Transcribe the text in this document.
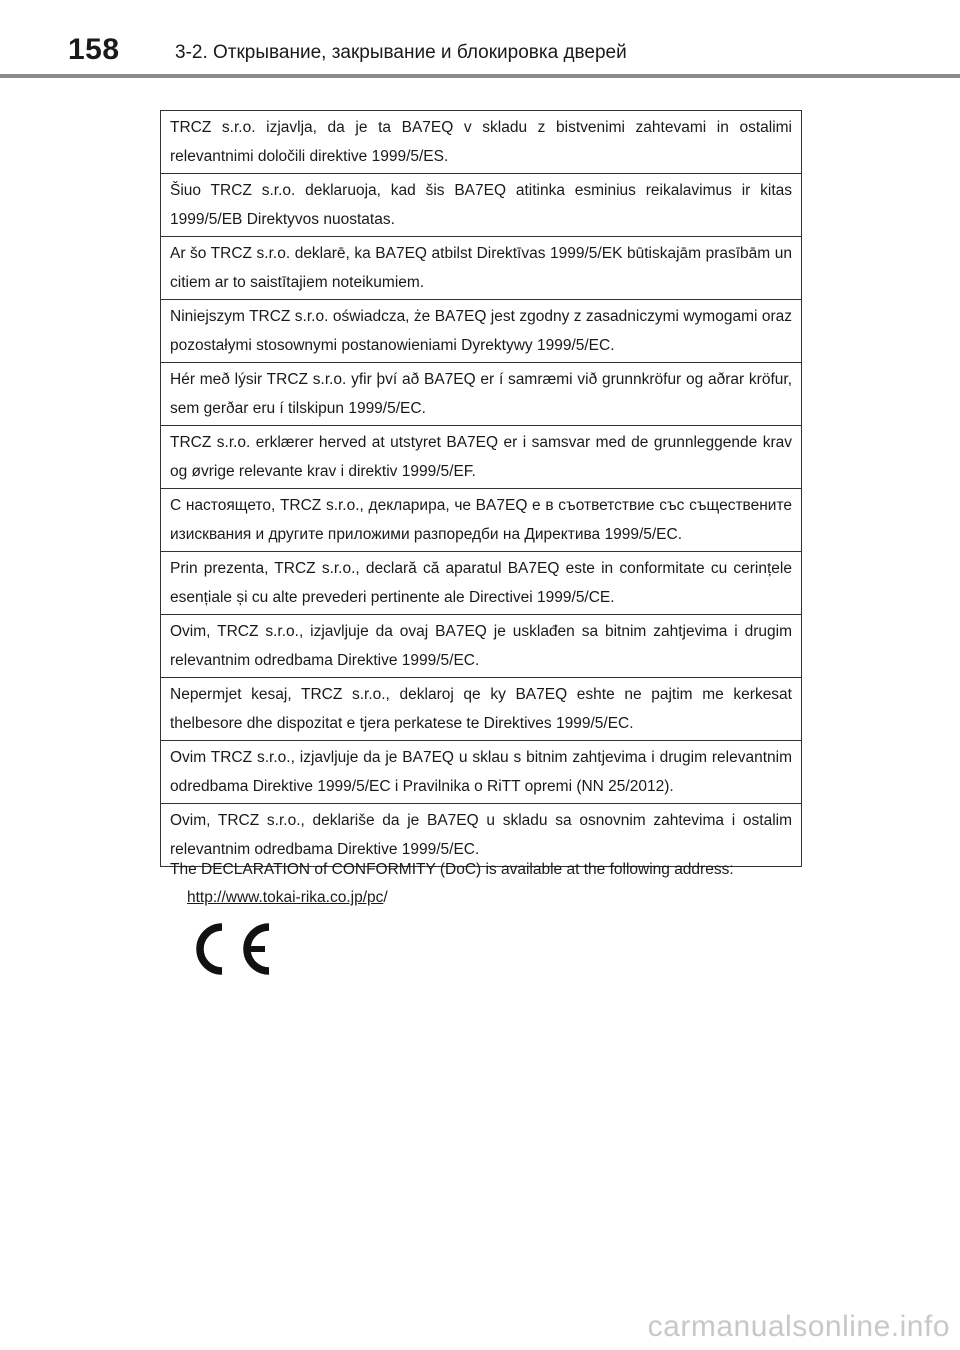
158	3-2. Открывание, закрывание и блокировка дверей
TRCZ s.r.o. izjavlja, da je ta BA7EQ v skladu z bistvenimi zahtevami in ostalimi relevantnimi določili direktive 1999/5/ES.
Šiuo TRCZ s.r.o. deklaruoja, kad šis BA7EQ atitinka esminius reikalavimus ir kitas 1999/5/EB Direktyvos nuostatas.
Ar šo TRCZ s.r.o. deklarē, ka BA7EQ atbilst Direktīvas 1999/5/EK būtiskajām prasībām un citiem ar to saistītajiem noteikumiem.
Niniejszym TRCZ s.r.o. oświadcza, że BA7EQ jest zgodny z zasadniczymi wymogami oraz pozostałymi stosownymi postanowieniami Dyrektywy 1999/5/EC.
Hér með lýsir TRCZ s.r.o. yfir því að BA7EQ er í samræmi við grunnkröfur og aðrar kröfur, sem gerðar eru í tilskipun 1999/5/EC.
TRCZ s.r.o. erklærer herved at utstyret BA7EQ er i samsvar med de grunnleggende krav og øvrige relevante krav i direktiv 1999/5/EF.
С настоящето, TRCZ s.r.o., декларира, че BA7EQ е в съответствие със съществените изисквания и другите приложими разпоредби на Директива 1999/5/EC.
Prin prezenta, TRCZ s.r.o., declară că aparatul BA7EQ este in conformitate cu cerințele esențiale și cu alte prevederi pertinente ale Directivei 1999/5/CE.
Ovim, TRCZ s.r.o., izjavljuje da ovaj BA7EQ je usklađen sa bitnim zahtjevima i drugim relevantnim odredbama Direktive 1999/5/EC.
Nepermjet kesaj, TRCZ s.r.o., deklaroj qe ky BA7EQ eshte ne pajtim me kerkesat thelbesore dhe dispozitat e tjera perkatese te Direktives 1999/5/EC.
Ovim TRCZ s.r.o., izjavljuje da je BA7EQ u sklau s bitnim zahtjevima i drugim relevantnim odredbama Direktive 1999/5/EC i Pravilnika o RiTT opremi (NN 25/2012).
Ovim, TRCZ s.r.o., deklariše da je BA7EQ u skladu sa osnovnim zahtevima i ostalim relevantnim odredbama Direktive 1999/5/EC.
The DECLARATION of CONFORMITY (DoC) is available at the following address:
http://www.tokai-rika.co.jp/pc/
carmanualsonline.info
